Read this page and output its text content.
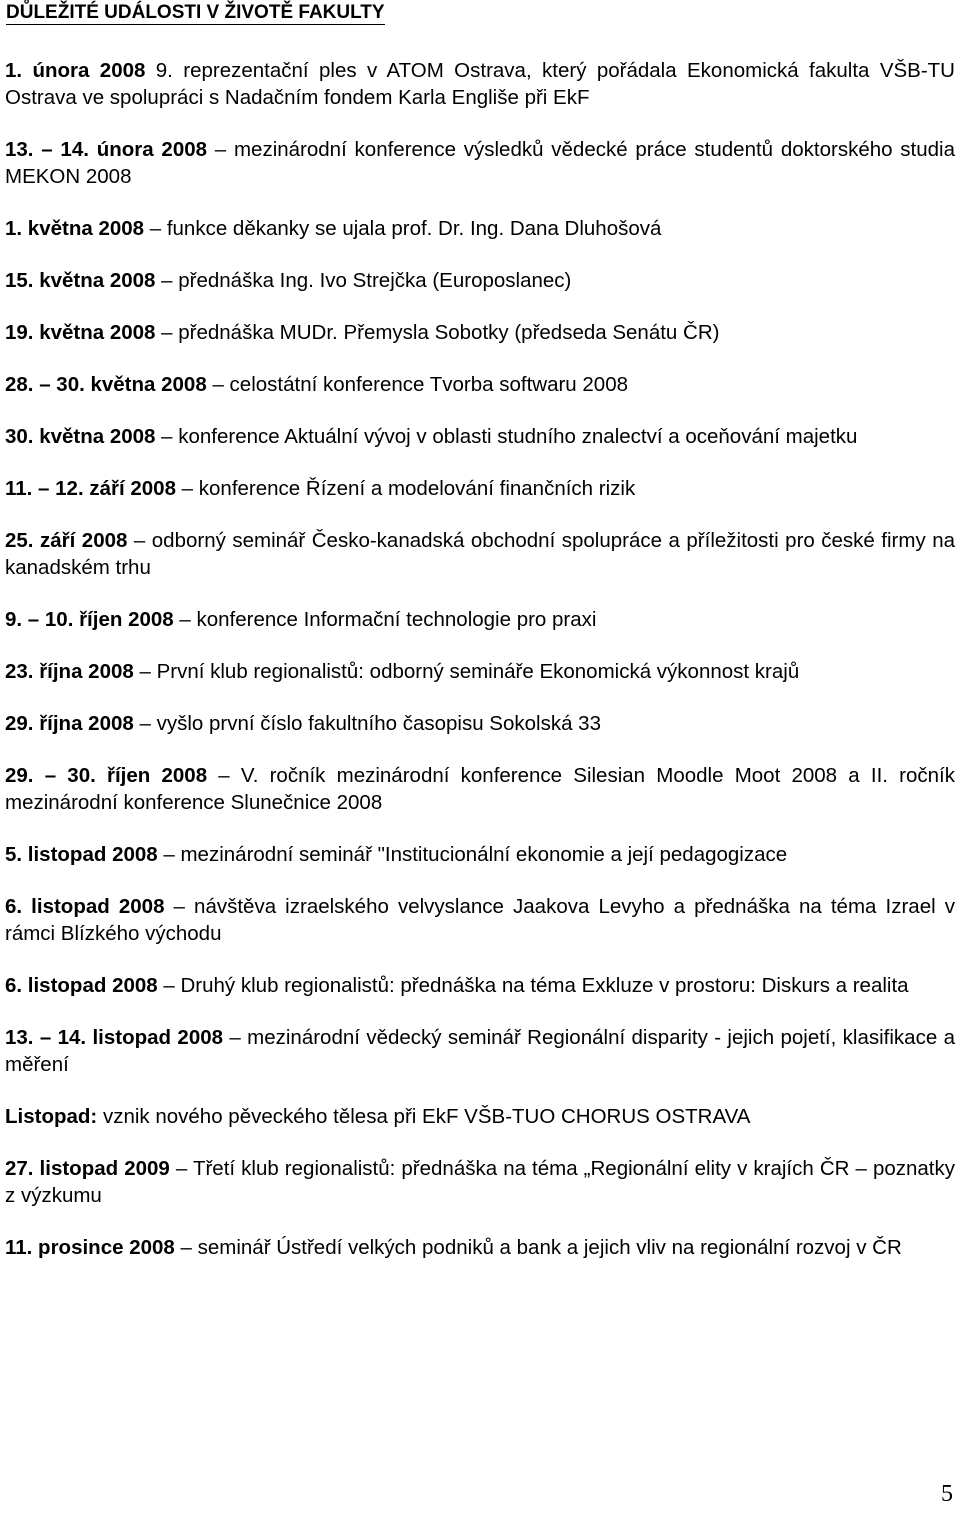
DŮLEŽITÉ UDÁLOSTI V ŽIVOTĚ FAKULTY

1. února 2008 9. reprezentační ples v ATOM Ostrava, který pořádala Ekonomická fakulta VŠB-TU Ostrava ve spolupráci s Nadačním fondem Karla Engliše při EkF

13. – 14. února 2008 – mezinárodní konference výsledků vědecké práce studentů doktorského studia MEKON 2008

1. května 2008 – funkce děkanky se ujala prof. Dr. Ing. Dana Dluhošová

15. května 2008 – přednáška Ing. Ivo Strejčka (Europoslanec)

19. května 2008 – přednáška MUDr. Přemysla Sobotky (předseda Senátu ČR)

28. – 30. května 2008 – celostátní konference Tvorba softwaru 2008

30. května 2008 – konference Aktuální vývoj v oblasti studního znalectví a oceňování majetku

11. – 12. září 2008 – konference Řízení a modelování finančních rizik

25. září 2008 – odborný seminář Česko-kanadská obchodní spolupráce a příležitosti pro české firmy na kanadském trhu

9. – 10. říjen 2008 – konference Informační technologie pro praxi

23. října 2008 – První klub regionalistů: odborný semináře Ekonomická výkonnost krajů

29. října 2008 – vyšlo první číslo fakultního časopisu Sokolská 33

29. – 30. říjen 2008 – V. ročník mezinárodní konference Silesian Moodle Moot 2008 a II. ročník mezinárodní konference Slunečnice 2008

5. listopad 2008 – mezinárodní seminář "Institucionální ekonomie a její pedagogizace

6. listopad 2008 – návštěva izraelského velvyslance Jaakova Levyho a přednáška na téma Izrael v rámci Blízkého východu

6. listopad 2008 – Druhý klub regionalistů: přednáška na téma Exkluze v prostoru: Diskurs a realita

13. – 14. listopad 2008 – mezinárodní vědecký seminář Regionální disparity - jejich pojetí, klasifikace a měření

Listopad: vznik nového pěveckého tělesa při EkF VŠB-TUO CHORUS OSTRAVA

27. listopad 2009 – Třetí klub regionalistů: přednáška na téma „Regionální elity v krajích ČR – poznatky z výzkumu

11. prosince 2008 – seminář Ústředí velkých podniků a bank a jejich vliv na regionální rozvoj v ČR

5
